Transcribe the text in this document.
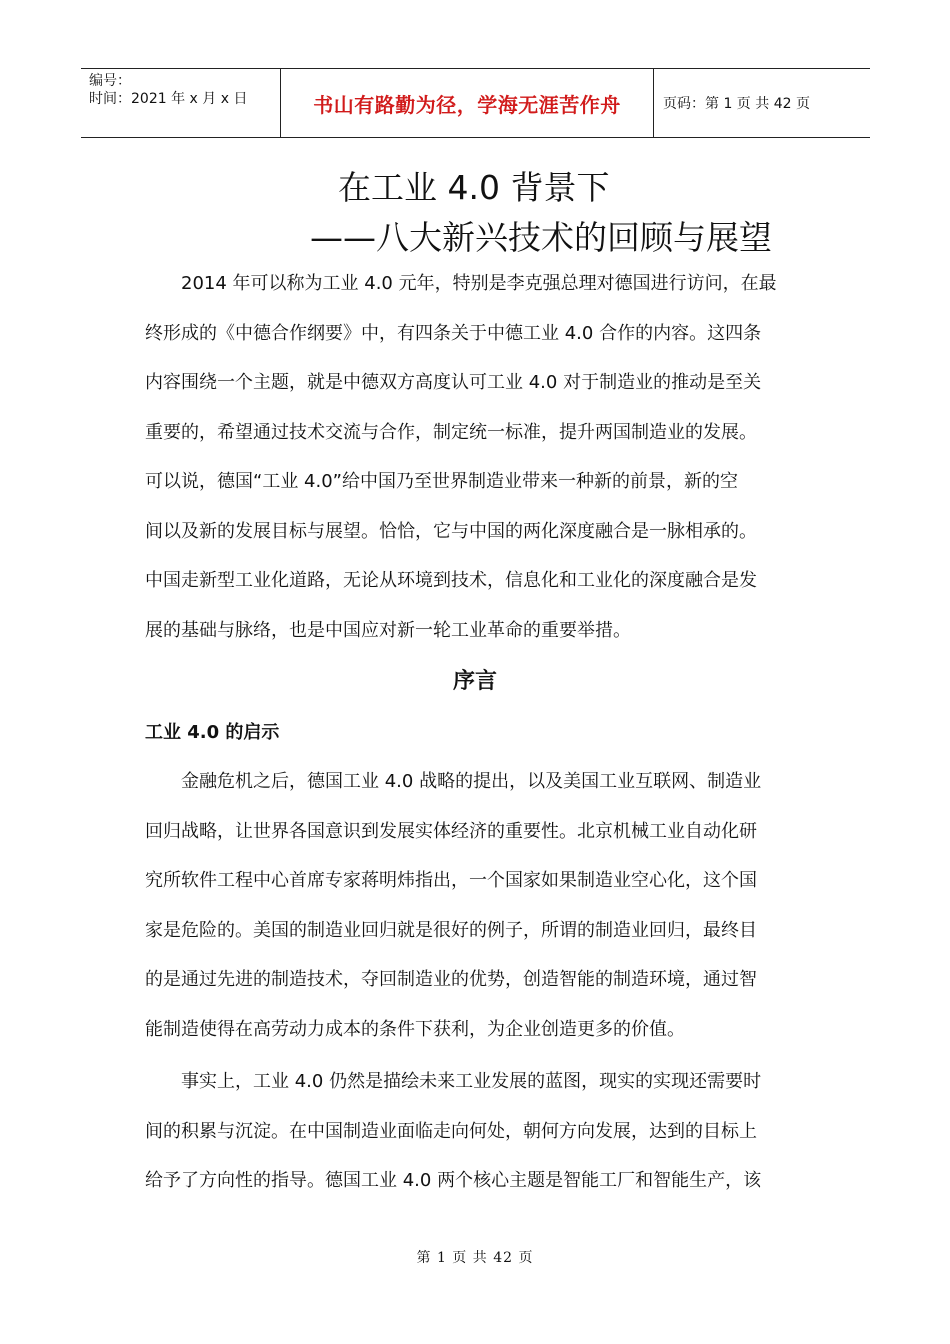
编号：
时间：2021 年 x 月 x 日	书山有路勤为径，学海无涯苦作舟	页码：第 1 页 共 42 页
在工业 4.0 背景下
——八大新兴技术的回顾与展望
　　2014 年可以称为工业 4.0 元年，特别是李克强总理对德国进行访问，在最
终形成的《中德合作纲要》中，有四条关于中德工业 4.0 合作的内容。这四条
内容围绕一个主题，就是中德双方高度认可工业 4.0 对于制造业的推动是至关
重要的，希望通过技术交流与合作，制定统一标准，提升两国制造业的发展。
可以说，德国“工业 4.0”给中国乃至世界制造业带来一种新的前景，新的空
间以及新的发展目标与展望。恰恰，它与中国的两化深度融合是一脉相承的。
中国走新型工业化道路，无论从环境到技术，信息化和工业化的深度融合是发
展的基础与脉络，也是中国应对新一轮工业革命的重要举措。
序言
工业 4.0 的启示
　　金融危机之后，德国工业 4.0 战略的提出，以及美国工业互联网、制造业
回归战略，让世界各国意识到发展实体经济的重要性。北京机械工业自动化研
究所软件工程中心首席专家蒋明炜指出，一个国家如果制造业空心化，这个国
家是危险的。美国的制造业回归就是很好的例子，所谓的制造业回归，最终目
的是通过先进的制造技术，夺回制造业的优势，创造智能的制造环境，通过智
能制造使得在高劳动力成本的条件下获利，为企业创造更多的价值。
　　事实上，工业 4.0 仍然是描绘未来工业发展的蓝图，现实的实现还需要时
间的积累与沉淀。在中国制造业面临走向何处，朝何方向发展，达到的目标上
给予了方向性的指导。德国工业 4.0 两个核心主题是智能工厂和智能生产，该
第 1 页 共 42 页
